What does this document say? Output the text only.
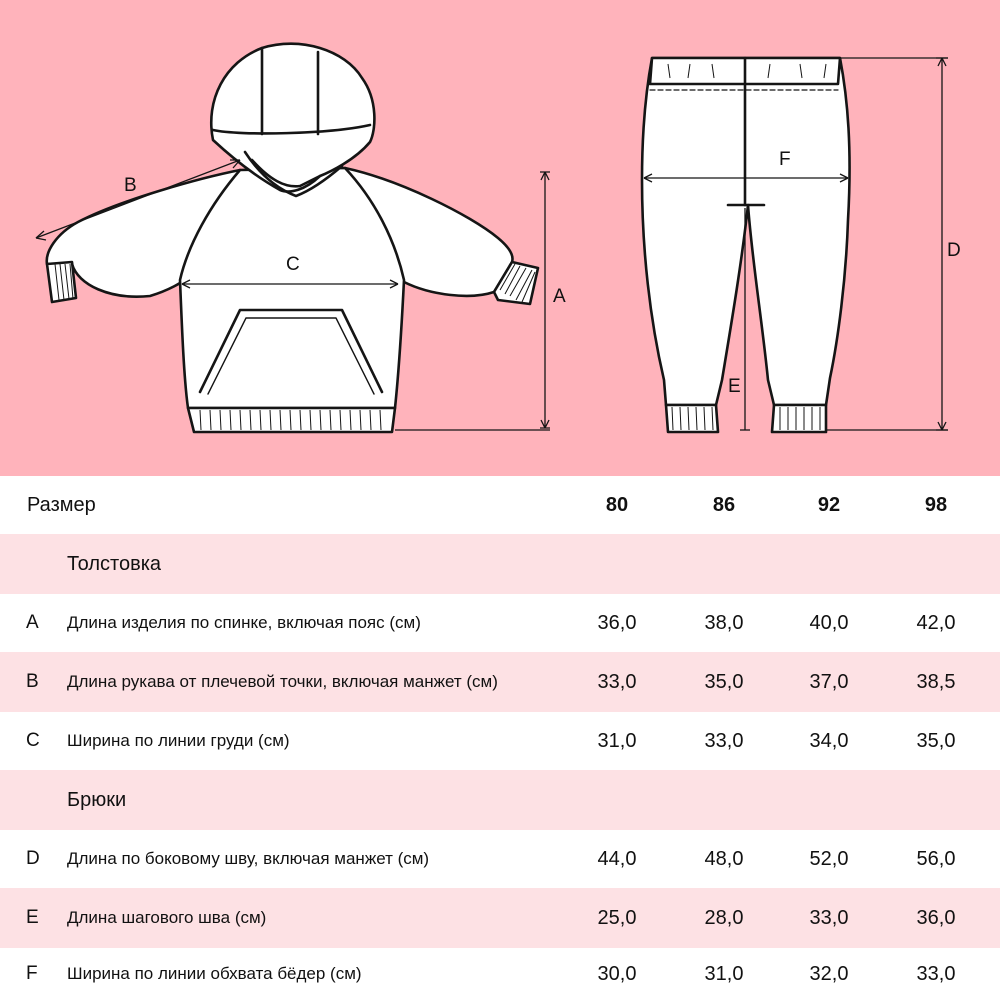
B
C
A
F
D
E
Размер	80	86	92	98
Толстовка
A Длина изделия по спинке, включая пояс (см)	36,0	38,0	40,0	42,0
B Длина рукава от плечевой точки, включая манжет (см)	33,0	35,0	37,0	38,5
C Ширина по линии груди (см)	31,0	33,0	34,0	35,0
Брюки
D Длина по боковому шву, включая манжет (см)	44,0	48,0	52,0	56,0
E Длина шагового шва (см)	25,0	28,0	33,0	36,0
F Ширина по линии обхвата бёдер (см)	30,0	31,0	32,0	33,0
